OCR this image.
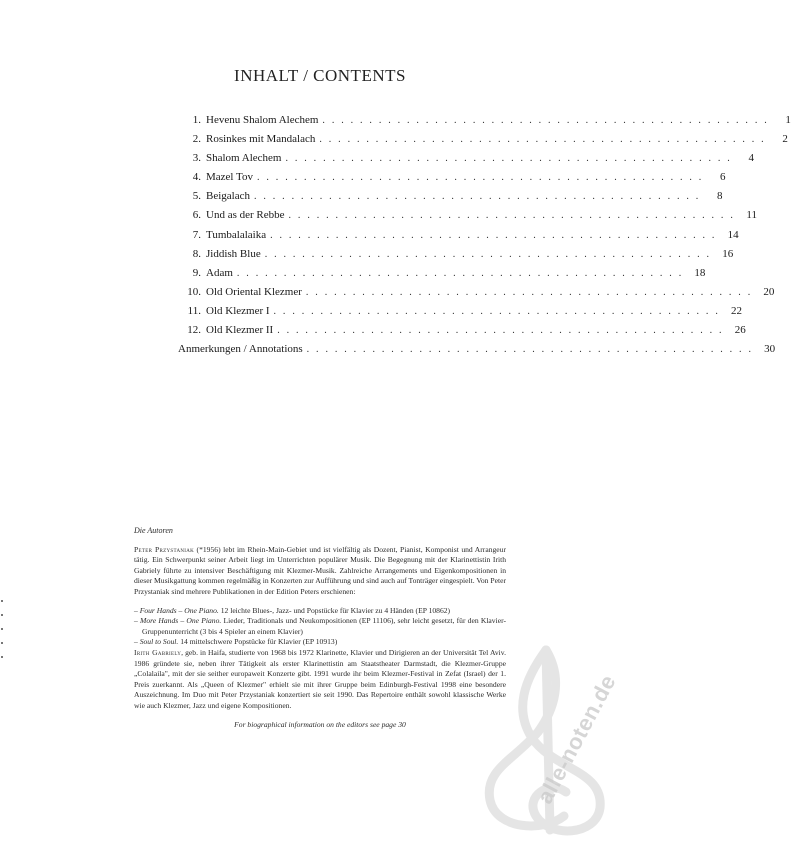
INHALT / CONTENTS
1. Hevenu Shalom Alechem . . . . . . . . . . . . . . . . . . . . . . . . . . . . . . . . . . . . . . . . . . . . . . . .	1
2. Rosinkes mit Mandalach . . . . . . . . . . . . . . . . . . . . . . . . . . . . . . . . . . . . . . . . . . . . . . . .	2
3. Shalom Alechem . . . . . . . . . . . . . . . . . . . . . . . . . . . . . . . . . . . . . . . . . . . . . . . .	4
4. Mazel Tov . . . . . . . . . . . . . . . . . . . . . . . . . . . . . . . . . . . . . . . . . . . . . . . .	6
5. Beigalach . . . . . . . . . . . . . . . . . . . . . . . . . . . . . . . . . . . . . . . . . . . . . . . .	8
6. Und as der Rebbe . . . . . . . . . . . . . . . . . . . . . . . . . . . . . . . . . . . . . . . . . . . . . . . .	11
7. Tumbalalaika . . . . . . . . . . . . . . . . . . . . . . . . . . . . . . . . . . . . . . . . . . . . . . . .	14
8. Jiddish Blue . . . . . . . . . . . . . . . . . . . . . . . . . . . . . . . . . . . . . . . . . . . . . . . .	16
9. Adam . . . . . . . . . . . . . . . . . . . . . . . . . . . . . . . . . . . . . . . . . . . . . . . .	18
10. Old Oriental Klezmer . . . . . . . . . . . . . . . . . . . . . . . . . . . . . . . . . . . . . . . . . . . . . . . .	20
11. Old Klezmer I . . . . . . . . . . . . . . . . . . . . . . . . . . . . . . . . . . . . . . . . . . . . . . . .	22
12. Old Klezmer II . . . . . . . . . . . . . . . . . . . . . . . . . . . . . . . . . . . . . . . . . . . . . . . .	26
Anmerkungen / Annotations . . . . . . . . . . . . . . . . . . . . . . . . . . . . . . . . . . . . . . . . . . . . . . . .	30

Die Autoren

Peter Przystaniak (*1956) lebt im Rhein-Main-Gebiet und ist vielfältig als Dozent, Pianist, Komponist und Arrangeur tätig. Ein Schwerpunkt seiner Arbeit liegt im Unterrichten populärer Musik. Die Begegnung mit der Klarinettistin Irith Gabriely führte zu intensiver Beschäftigung mit Klezmer-Musik. Zahlreiche Arrangements und Eigenkompositionen in dieser Musikgattung kommen regelmäßig in Konzerten zur Aufführung und sind auch auf Tonträger eingespielt. Von Peter Przystaniak sind mehrere Publikationen in der Edition Peters erschienen:

– Four Hands – One Piano. 12 leichte Blues-, Jazz- und Popstücke für Klavier zu 4 Händen (EP 10862)
– More Hands – One Piano. Lieder, Traditionals und Neukompositionen (EP 11106), sehr leicht gesetzt, für den Klavier-Gruppenunterricht (3 bis 4 Spieler an einem Klavier)
– Soul to Soul. 14 mittelschwere Popstücke für Klavier (EP 10913)

Irith Gabriely, geb. in Haifa, studierte von 1968 bis 1972 Klarinette, Klavier und Dirigieren an der Universität Tel Aviv. 1986 gründete sie, neben ihrer Tätigkeit als erster Klarinettistin am Staatstheater Darmstadt, die Klezmer-Gruppe „Colalaila", mit der sie seither europaweit Konzerte gibt. 1991 wurde ihr beim Klezmer-Festival in Zefat (Israel) der 1. Preis zuerkannt. Als „Queen of Klezmer" erhielt sie mit ihrer Gruppe beim Edinburgh-Festival 1998 eine besondere Auszeichnung. Im Duo mit Peter Przystaniak konzertiert sie seit 1990. Das Repertoire enthält sowohl klassische Werke wie auch Klezmer, Jazz und eigene Kompositionen.

For biographical information on the editors see page 30	alle-noten.de
